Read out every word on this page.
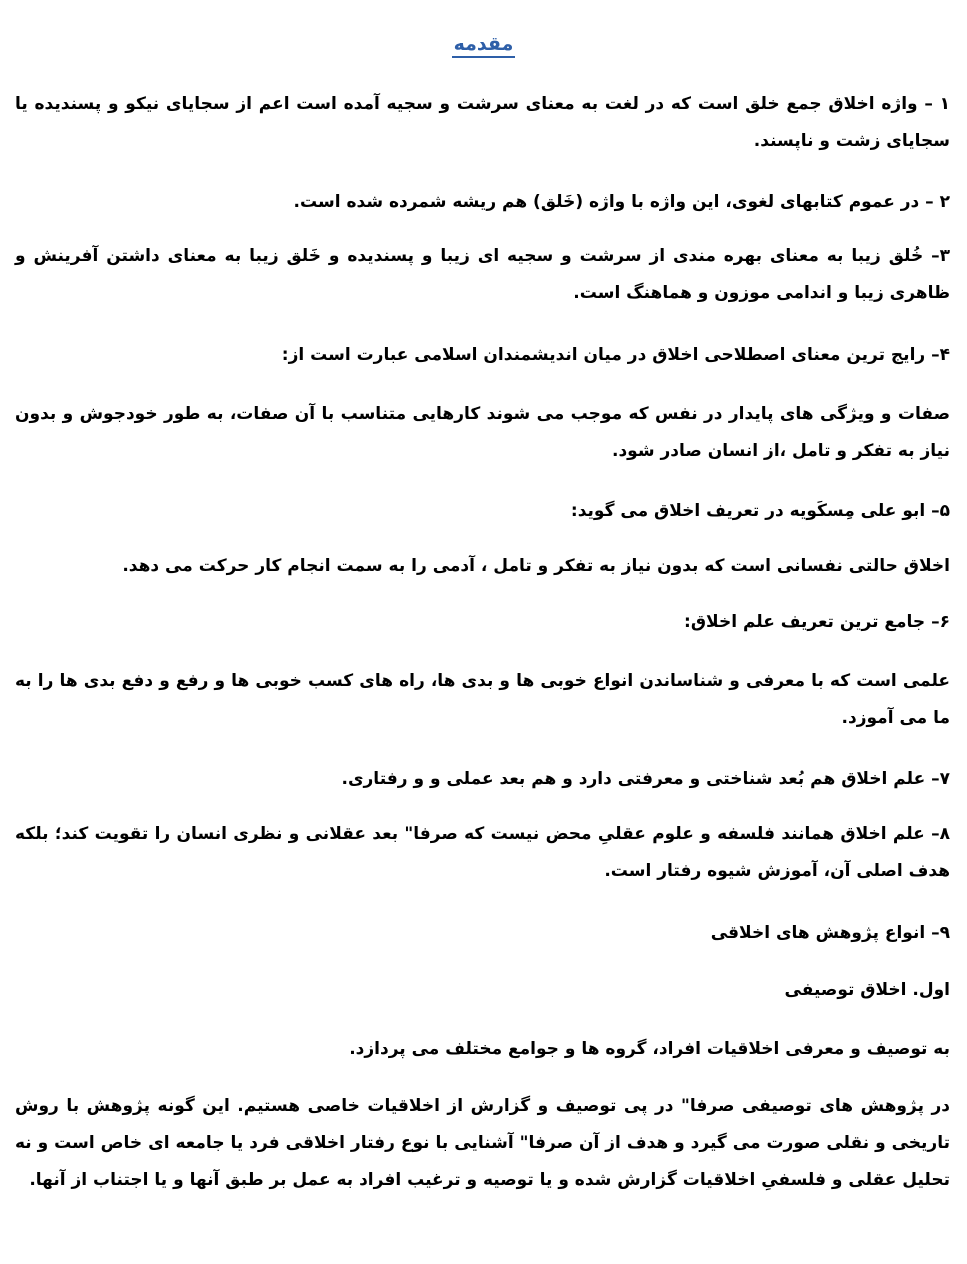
مقدمه
۱ – واژه اخلاق جمع خلق است که در لغت به معنای سرشت و سجیه آمده است اعم از سجایای نیکو و پسندیده یا سجایای زشت و ناپسند.
۲ – در عموم کتابهای لغوی، این واژه با واژه (خَلق) هم ریشه شمرده شده است.
۳– خُلق زیبا به معنای بهره مندی از سرشت و سجیه ای زیبا و پسندیده و خَلق زیبا به معنای داشتن آفرینش و ظاهری زیبا و اندامی موزون و هماهنگ است.
۴– رایج ترین معنای اصطلاحی اخلاق در میان اندیشمندان اسلامی عبارت است از:
صفات و ویژگی های پایدار در نفس که موجب می شوند کارهایی متناسب با آن صفات، به طور خودجوش و بدون نیاز به تفکر و تامل ،از انسان صادر شود.
۵– ابو علی مِسکَویه در تعریف اخلاق می گوید:
اخلاق حالتی نفسانی است که بدون نیاز به تفکر و تامل ، آدمی را به سمت انجام کار حرکت می دهد.
۶– جامع ترین تعریف علم اخلاق:
علمی است که با معرفی و شناساندن انواع خوبی ها و بدی ها، راه های کسب خوبی ها و رفع و دفع بدی ها را به ما می آموزد.
۷– علم اخلاق هم بُعد شناختی و معرفتی دارد و هم بعد عملی و و رفتاری.
۸– علم اخلاق همانند فلسفه و علوم عقلیِ محض نیست که صرفا" بعد عقلانی و نظری انسان را تقویت کند؛ بلکه هدف اصلی آن، آموزش شیوه رفتار است.
۹– انواع پژوهش های اخلاقی
اول. اخلاق توصیفی
به توصیف و معرفی اخلاقیات افراد، گروه ها و جوامع مختلف می پردازد.
در پژوهش های توصیفی صرفا" در پی توصیف و گزارش از اخلاقیات خاصی هستیم. این گونه پژوهش با روش تاریخی و نقلی صورت می گیرد و هدف از آن صرفا" آشنایی با نوع رفتار اخلاقی فرد یا جامعه ای خاص است و نه تحلیل عقلی و فلسفیِ اخلاقیات گزارش شده و یا توصیه و ترغیب افراد به عمل بر طبق آنها و یا اجتناب از آنها.
